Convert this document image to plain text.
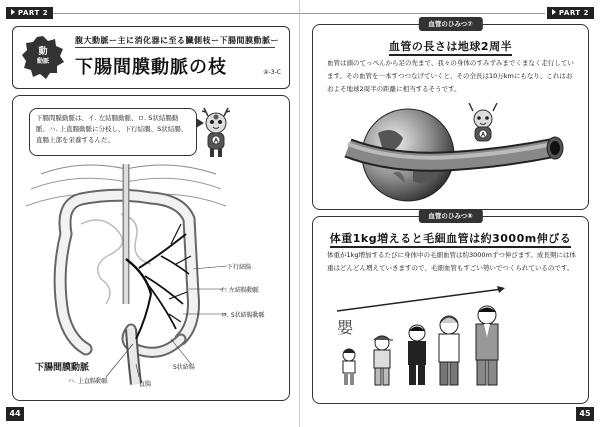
PART 2
動
動脈
腹大動脈ー主に消化器に至る臓側枝ー下腸間膜動脈ー
下腸間膜動脈の枝	④-3-C
下腸間膜動脈は、イ. 左結腸動脈、ロ. S状結腸動脈、ハ. 上直腸動脈に分枝し、下行結腸、S状結腸、直腸上部を栄養するんだ。	A
下行結腸
イ. 左結腸動脈
ロ. S状結腸動脈
S状結腸
下腸間膜動脈
ハ. 上直腸動脈	直腸
44
PART 2
血管のひみつ⑦
血管の長さは地球2周半
血管は頭のてっぺんから足の先まで、我々の身体のすみずみまでくまなく走行しています。その血管を一本すつつなげていくと、その全長は10万kmにもなり、これはおおよそ地球2周半の距離に相当するそうです。
A
血管のひみつ⑧
体重1kg増えると毛細血管は約3000m伸びる
体重が1kg増加するたびに身体中の毛細血管は約3000mずつ伸びます。成長期には体重はどんどん増えていきますので、毛細血管もすごい勢いでつくられているのです。
嬰
45
